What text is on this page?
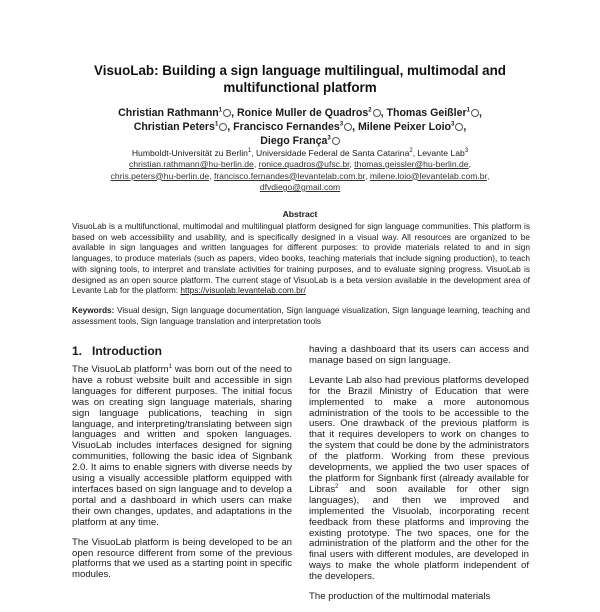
VisuoLab: Building a sign language multilingual, multimodal and multifunctional platform
Christian Rathmann$^1$ , Ronice Muller de Quadros$^2$ , Thomas Geißler$^1$ ,
Christian Peters$^1$ , Francisco Fernandes$^3$ , Milene Peixer Loio$^3$ ,
Diego França$^3$
Humboldt-Universität zu Berlin$^1$, Universidade Federal de Santa Catarina$^2$, Levante Lab$^3$
christian.rathmann@hu-berlin.de, ronice.quadros@ufsc.br, thomas.geissler@hu-berlin.de,
chris.peters@hu-berlin.de, francisco.fernandes@levantelab.com.br, milene.loio@levantelab.com.br,
dfvdiego@gmail.com
Abstract
VisuoLab is a multifunctional, multimodal and multilingual platform designed for sign language communities. This platform is based on web accessibility and usability, and is specifically designed in a visual way. All resources are organized to be available in sign languages and written languages for different purposes: to provide materials related to and in sign languages, to produce materials (such as papers, video books, teaching materials that include signing production), to teach with signing tools, to interpret and translate activities for training purposes, and to evaluate signing progress. VisuoLab is designed as an open source platform. The current stage of VisuoLab is a beta version available in the development area of Levante Lab for the platform: https://visuolab.levantelab.com.br/
Keywords: Visual design, Sign language documentation, Sign language visualization, Sign language learning, teaching and assessment tools, Sign language translation and interpretation tools
1. Introduction

The VisuoLab platform$^1$ was born out of the need to have a robust website built and accessible in sign languages for different purposes. The initial focus was on creating sign language materials, sharing sign language publications, teaching in sign language, and interpreting/translating between sign languages and written and spoken languages. VisuoLab includes interfaces designed for signing communities, following the basic idea of Signbank 2.0. It aims to enable signers with diverse needs by using a visually accessible platform equipped with interfaces based on sign language and to develop a portal and a dashboard in which users can make their own changes, updates, and adaptations in the platform at any time.

The VisuoLab platform is being developed to be an open resource different from some of the previous platforms that we used as a starting point in specific modules.

having a dashboard that its users can access and manage based on sign language.

Levante Lab also had previous platforms developed for the Brazil Ministry of Education that were implemented to make a more autonomous administration of the tools to be accessible to the users. One drawback of the previous platform is that it requires developers to work on changes to the system that could be done by the administrators of the platform. Working from these previous developments, we applied the two user spaces of the platform for Signbank first (already available for Libras$^2$ and soon available for other sign languages), and then we improved and implemented the Visuolab, incorporating recent feedback from these platforms and improving the existing prototype. The two spaces, one for the administration of the platform and the other for the final users with different modules, are developed in ways to make the whole platform independent of the developers.

The production of the multimodal materials
